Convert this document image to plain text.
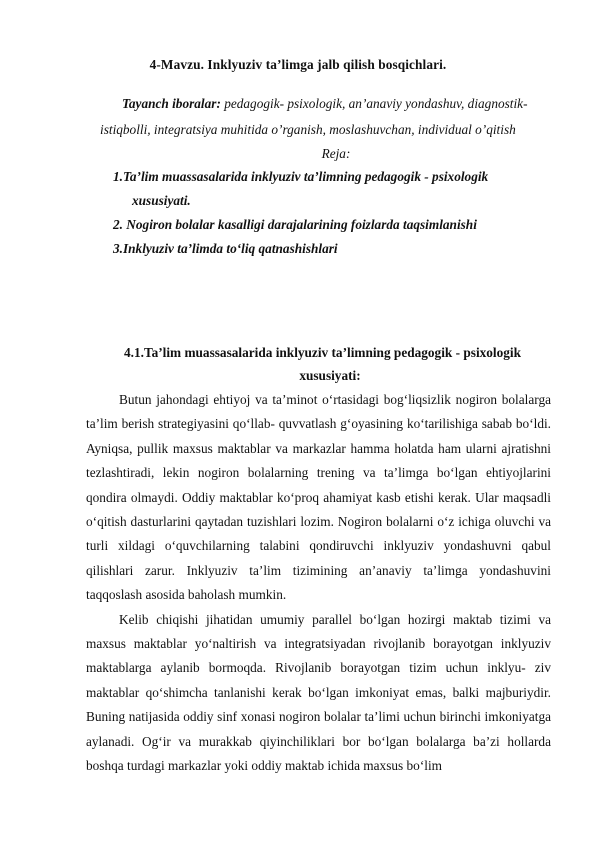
4-Mavzu. Inklyuziv ta’limga jalb qilish bosqichlari.
Tayanch iboralar: pedagogik- psixologik, an’anaviy yondashuv, diagnostik-
istiqbolli, integratsiya muhitida o’rganish, moslashuvchan, individual o’qitish
Reja:
1.Ta’lim muassasalarida inklyuziv ta’limning pedagogik - psixologik
xususiyati.
2. Nogiron bolalar kasalligi darajalarining foizlarda taqsimlanishi
3.Inklyuziv ta’limda to‘liq qatnashishlari
4.1.Ta’lim muassasalarida inklyuziv ta’limning pedagogik - psixologik
xususiyati:

Butun jahondagi ehtiyoj va ta’minot o‘rtasidagi bog‘liqsizlik nogiron bolalarga ta’lim berish strategiyasini qo‘llab- quvvatlash g‘oyasining ko‘tarilishiga sabab bo‘ldi. Ayniqsa, pullik maxsus maktablar va markazlar hamma holatda ham ularni ajratishni tezlashtiradi, lekin nogiron bolalarning trening va ta’limga bo‘lgan ehtiyojlarini qondira olmaydi. Oddiy maktablar ko‘proq ahamiyat kasb etishi kerak. Ular maqsadli o‘qitish dasturlarini qaytadan tuzishlari lozim. Nogiron bolalarni o‘z ichiga oluvchi va turli xildagi o‘quvchilarning talabini qondiruvchi inklyuziv yondashuvni qabul qilishlari zarur. Inklyuziv ta’lim tizimining an’anaviy ta’limga yondashuvini taqqoslash asosida baholash mumkin.

Kelib chiqishi jihatidan umumiy parallel bo‘lgan hozirgi maktab tizimi va maxsus maktablar yo‘naltirish va integratsiyadan rivojlanib borayotgan inklyuziv maktablarga aylanib bormoqda. Rivojlanib borayotgan tizim uchun inklyu- ziv maktablar qo‘shimcha tanlanishi kerak bo‘lgan imkoniyat emas, balki majburiydir. Buning natijasida oddiy sinf xonasi nogiron bolalar ta’limi uchun birinchi imkoniyatga aylanadi. Og‘ir va murakkab qiyinchiliklari bor bo‘lgan bolalarga ba’zi hollarda boshqa turdagi markazlar yoki oddiy maktab ichida maxsus bo‘lim
